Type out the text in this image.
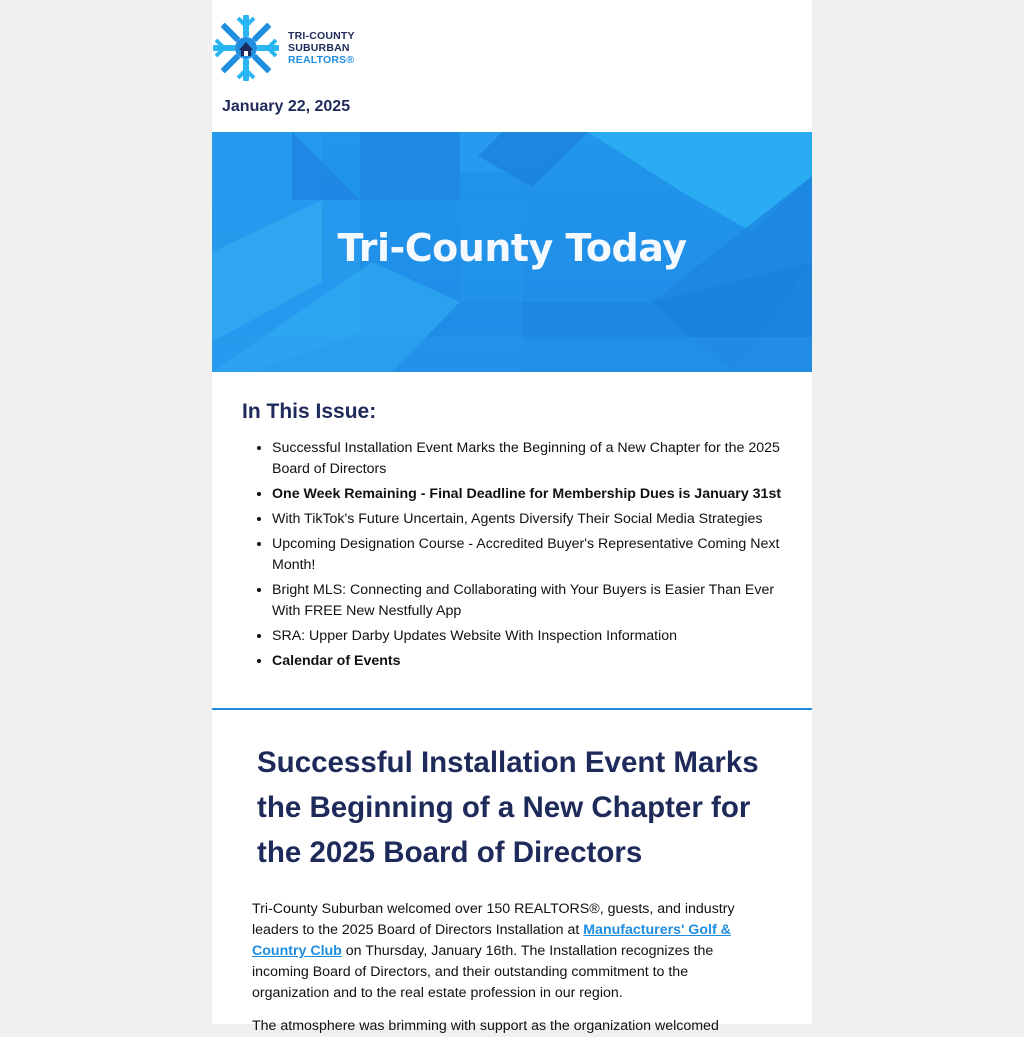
TRI-COUNTY
SUBURBAN
REALTORS®
January 22, 2025
Tri-County Today
In This Issue:
• Successful Installation Event Marks the Beginning of a New Chapter for the 2025 Board of Directors
• One Week Remaining - Final Deadline for Membership Dues is January 31st
• With TikTok's Future Uncertain, Agents Diversify Their Social Media Strategies
• Upcoming Designation Course - Accredited Buyer's Representative Coming Next Month!
• Bright MLS: Connecting and Collaborating with Your Buyers is Easier Than Ever With FREE New Nestfully App
• SRA: Upper Darby Updates Website With Inspection Information
• Calendar of Events
Successful Installation Event Marks the Beginning of a New Chapter for the 2025 Board of Directors

Tri-County Suburban welcomed over 150 REALTORS®, guests, and industry leaders to the 2025 Board of Directors Installation at Manufacturers' Golf & Country Club on Thursday, January 16th. The Installation recognizes the incoming Board of Directors, and their outstanding commitment to the organization and to the real estate profession in our region.

The atmosphere was brimming with support as the organization welcomed
